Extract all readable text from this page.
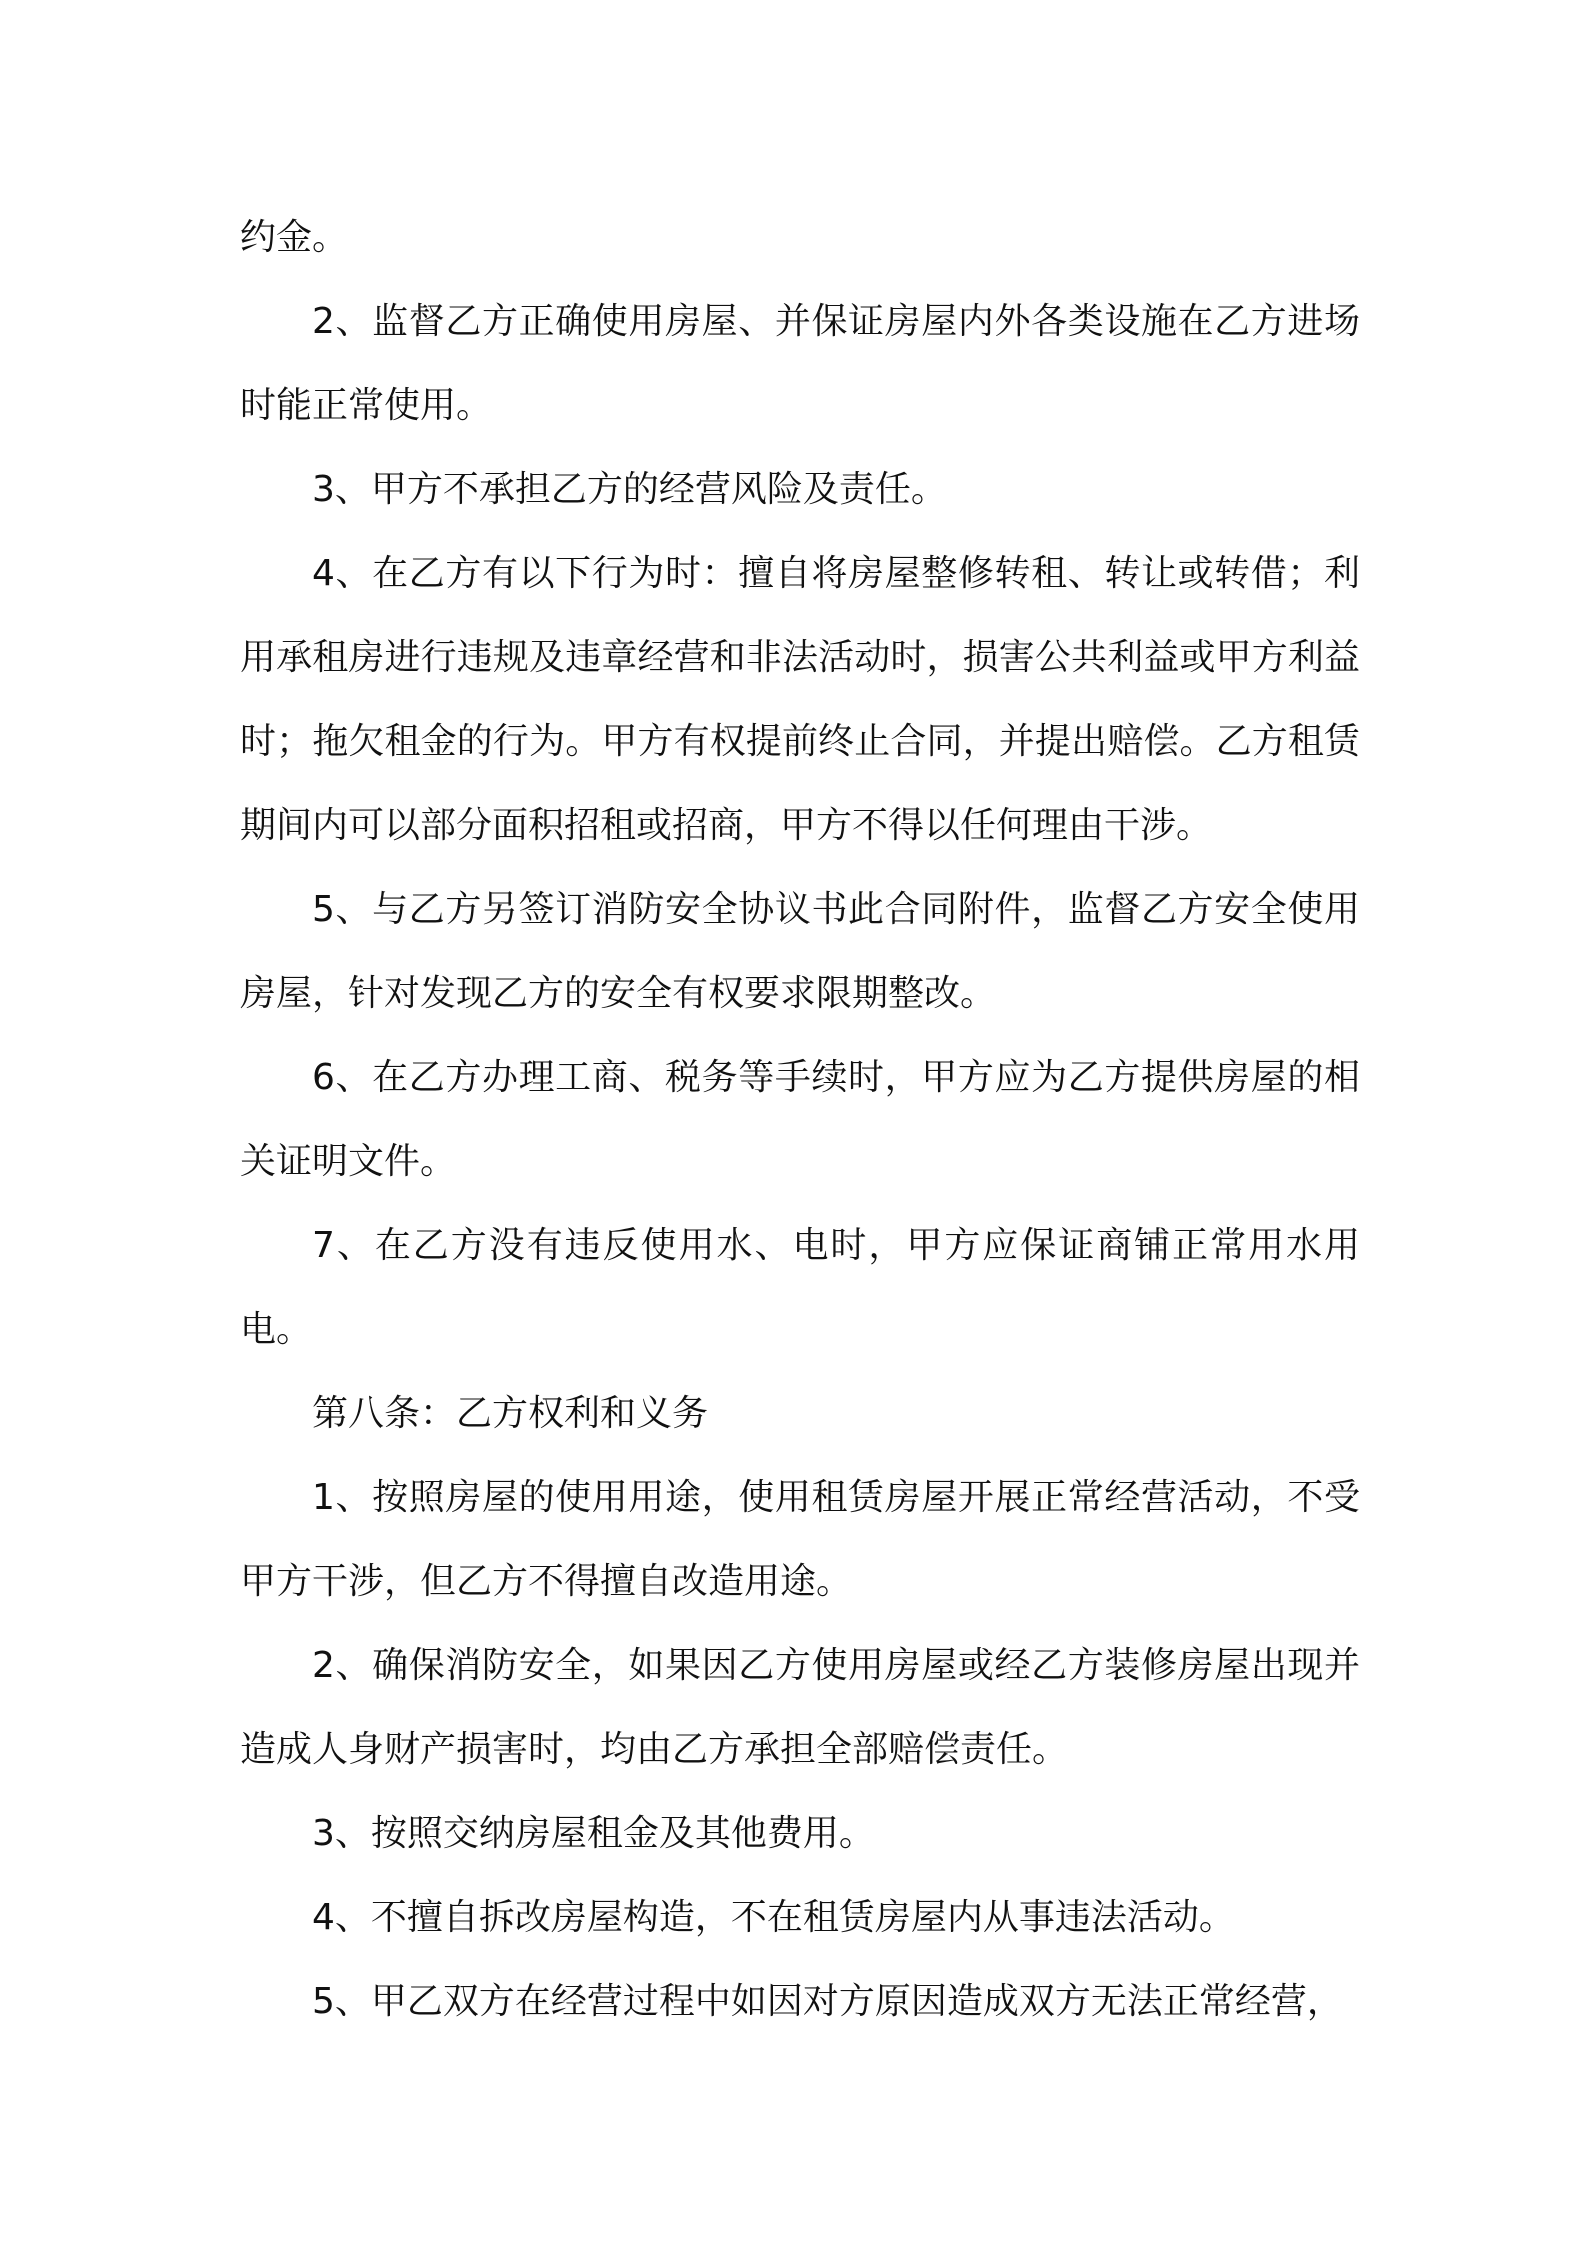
约金。

2、监督乙方正确使用房屋、并保证房屋内外各类设施在乙方进场时能正常使用。

3、甲方不承担乙方的经营风险及责任。

4、在乙方有以下行为时：擅自将房屋整修转租、转让或转借；利用承租房进行违规及违章经营和非法活动时，损害公共利益或甲方利益时；拖欠租金的行为。甲方有权提前终止合同，并提出赔偿。乙方租赁期间内可以部分面积招租或招商，甲方不得以任何理由干涉。

5、与乙方另签订消防安全协议书此合同附件，监督乙方安全使用房屋，针对发现乙方的安全有权要求限期整改。

6、在乙方办理工商、税务等手续时，甲方应为乙方提供房屋的相关证明文件。

7、在乙方没有违反使用水、电时，甲方应保证商铺正常用水用电。

第八条：乙方权利和义务

1、按照房屋的使用用途，使用租赁房屋开展正常经营活动，不受甲方干涉，但乙方不得擅自改造用途。

2、确保消防安全，如果因乙方使用房屋或经乙方装修房屋出现并造成人身财产损害时，均由乙方承担全部赔偿责任。

3、按照交纳房屋租金及其他费用。

4、不擅自拆改房屋构造，不在租赁房屋内从事违法活动。

5、甲乙双方在经营过程中如因对方原因造成双方无法正常经营，
